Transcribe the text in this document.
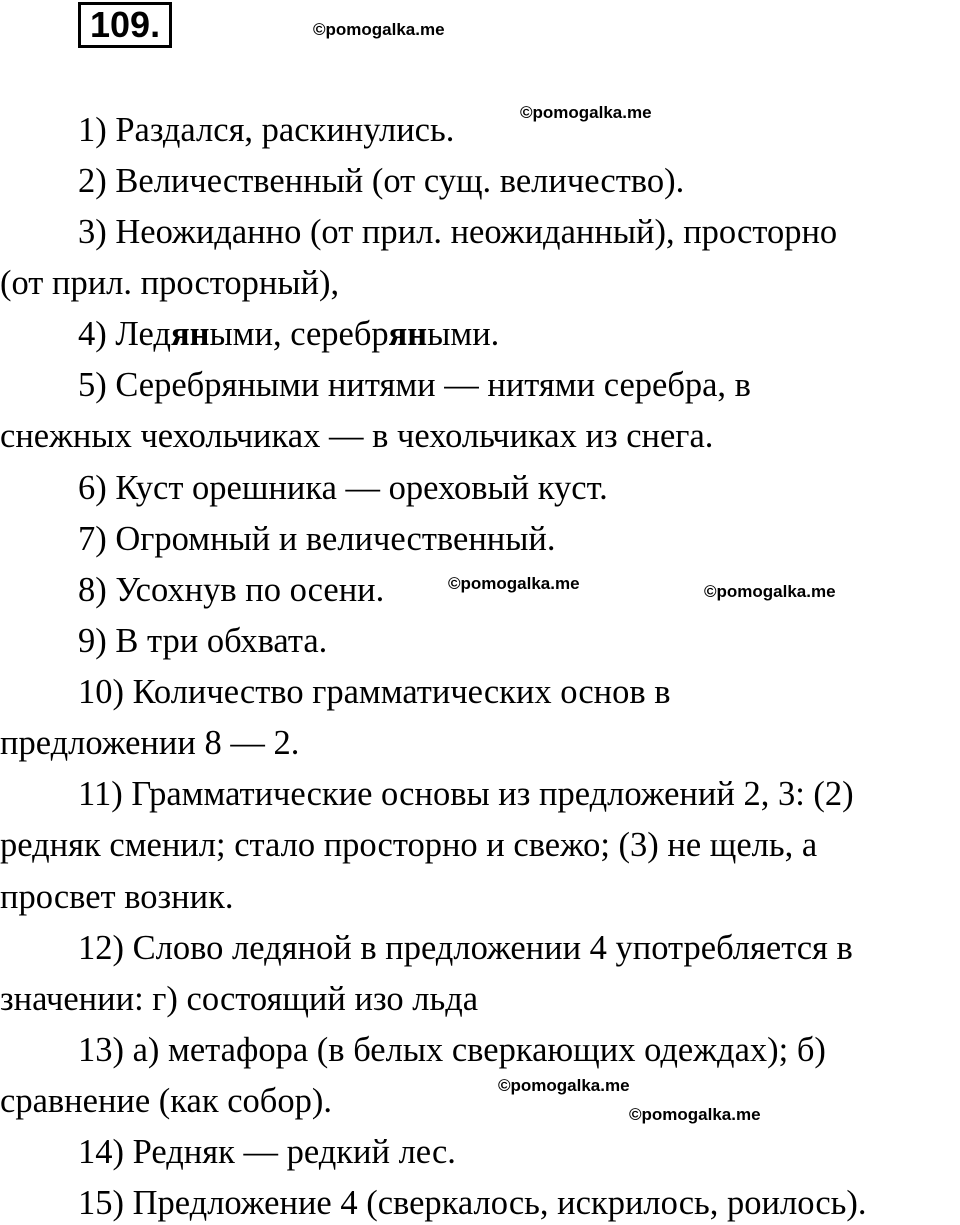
109.	©pomogalka.me
©pomogalka.me
©pomogalka.me	©pomogalka.me
©pomogalka.me
©pomogalka.me
1) Раздался, раскинулись.
2) Величественный (от сущ. величество).
3) Неожиданно (от прил. неожиданный), просторно
(от прил. просторный),
4) Ледяными, серебряными.
5) Серебряными нитями — нитями серебра, в
снежных чехольчиках — в чехольчиках из снега.
6) Куст орешника — ореховый куст.
7) Огромный и величественный.
8) Усохнув по осени.
9) В три обхвата.
10) Количество грамматических основ в
предложении 8 — 2.
11) Грамматические основы из предложений 2, 3: (2)
редняк сменил; стало просторно и свежо; (3) не щель, а
просвет возник.
12) Слово ледяной в предложении 4 употребляется в
значении: г) состоящий изо льда
13) а) метафора (в белых сверкающих одеждах); б)
сравнение (как собор).
14) Редняк — редкий лес.
15) Предложение 4 (сверкалось, искрилось, роилось).
